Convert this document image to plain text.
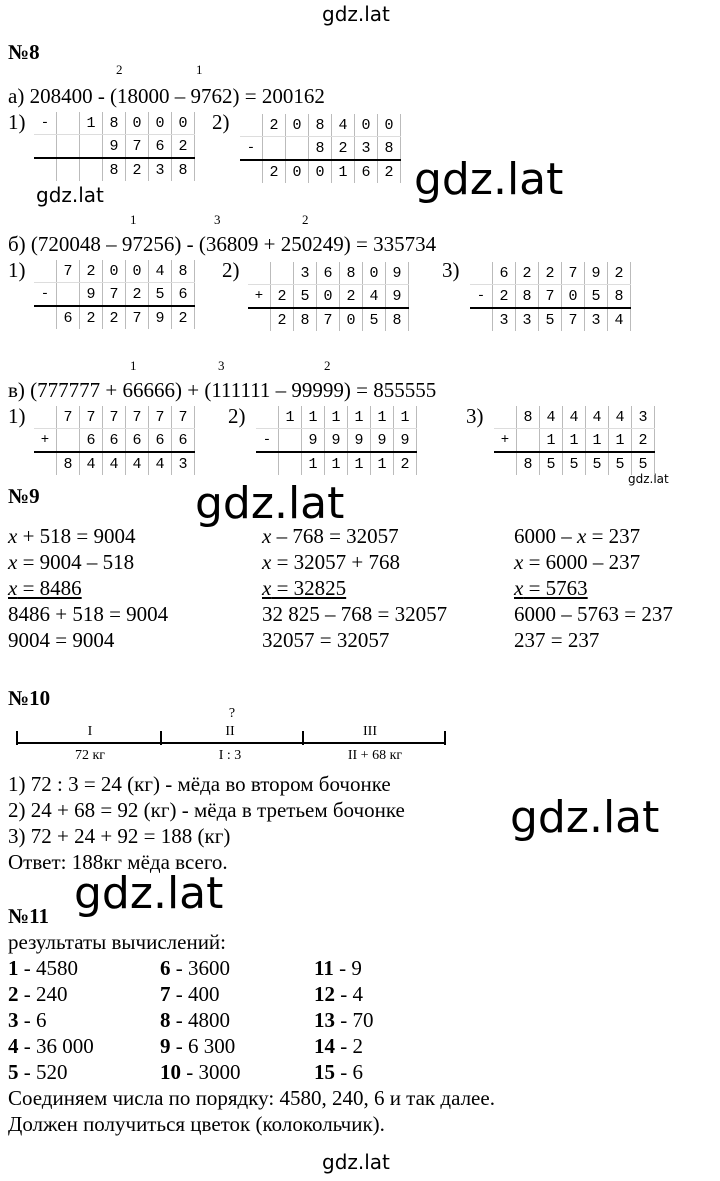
gdz.lat
gdz.lat	gdz.lat
gdz.lat	gdz.lat
gdz.lat
gdz.lat
gdz.lat
№8
2	1
а) 208400 - (18000 – 9762) = 200162
1) -		1	8	0	0	0
			9	7	6	2
			8	2	3	8
2)
		2	0	8	4	0	0
-			8	2	3	8
	2	0	0	1	6	2
1	3	2
б) (720048 – 97256) - (36809 + 250249) = 335734
1)
		7	2	0	0	4	8
-		9	7	2	5	6
	6	2	2	7	9	2
2)
			3	6	8	0	9
+	2	5	0	2	4	9
	2	8	7	0	5	8
3)
		6	2	2	7	9	2
-	2	8	7	0	5	8
	3	3	5	7	3	4
1	3	2
в) (777777 + 66666) + (111111 – 99999) = 855555
1)
		7	7	7	7	7	7
+		6	6	6	6	6
	8	4	4	4	4	3
2)
		1	1	1	1	1	1
-		9	9	9	9	9
		1	1	1	1	2
3)
		8	4	4	4	4	3
+		1	1	1	1	2
	8	5	5	5	5	5
№9
x + 518 = 9004
x = 9004 – 518
x = 8486
8486 + 518 = 9004
9004 = 9004
x – 768 = 32057
x = 32057 + 768
x = 32825
32 825 – 768 = 32057
32057 = 32057
6000 – x = 237
x = 6000 – 237
x = 5763
6000 – 5763 = 237
237 = 237
№10
?
I	II	III
72 кг	I : 3	II + 68 кг
1) 72 : 3 = 24 (кг) - мёда во втором бочонке
2) 24 + 68 = 92 (кг) - мёда в третьем бочонке
3) 72 + 24 + 92 = 188 (кг)
Ответ: 188кг мёда всего.
№11
результаты вычислений:
1 - 4580
2 - 240
3 - 6
4 - 36 000
5 - 520
6 - 3600
7 - 400
8 - 4800
9 - 6 300
10 - 3000
11 - 9
12 - 4
13 - 70
14 - 2
15 - 6
Соединяем числа по порядку: 4580, 240, 6 и так далее.
Должен получиться цветок (колокольчик).
